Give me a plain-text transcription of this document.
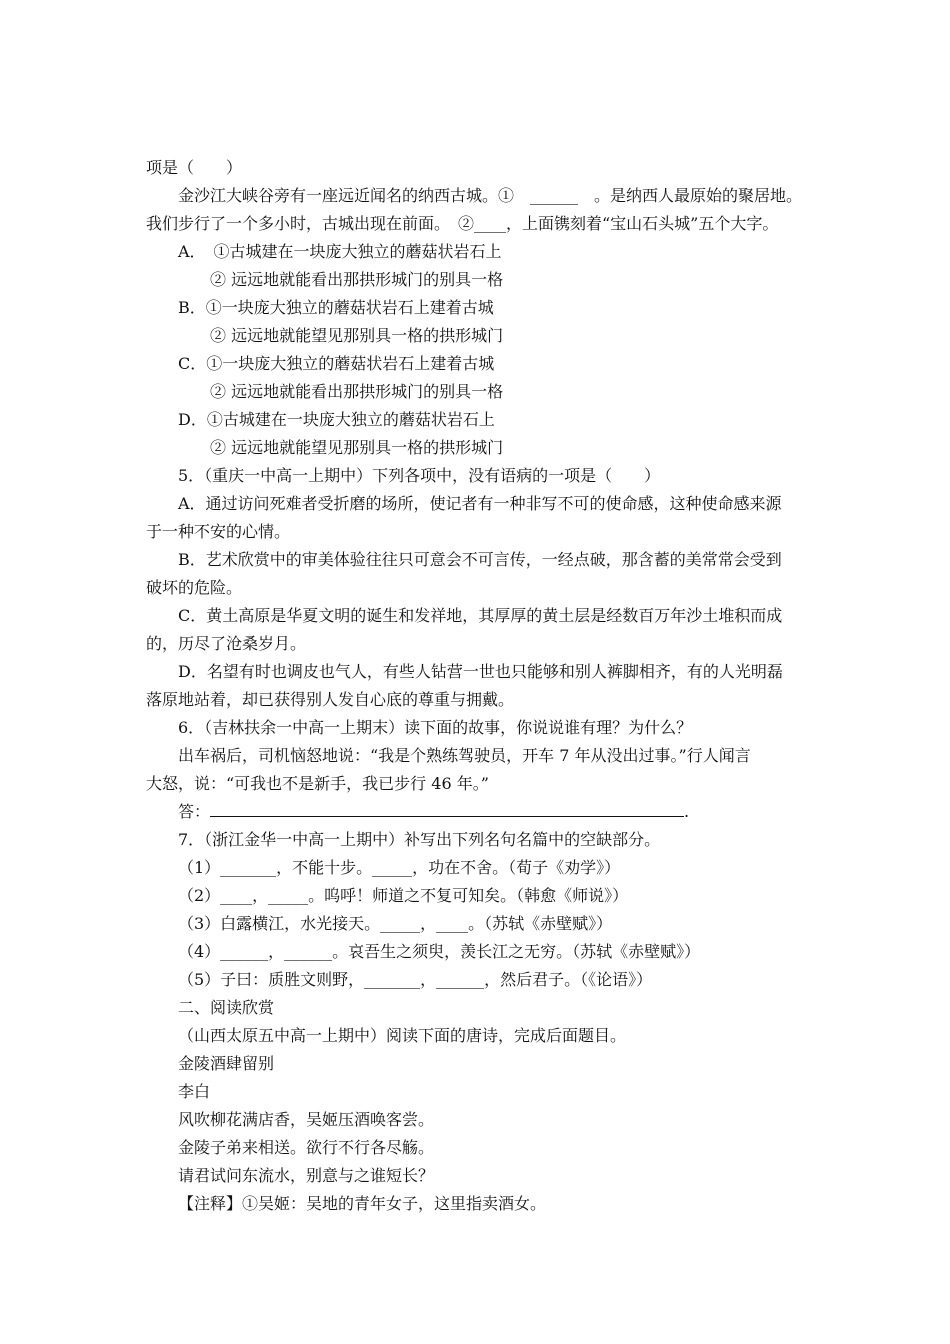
项是（　　）
金沙江大峡谷旁有一座远近闻名的纳西古城。①　______　。是纳西人最原始的聚居地。
我们步行了一个多小时，古城出现在前面。　②____，上面镌刻着“宝山石头城”五个大字。
A．　①古城建在一块庞大独立的蘑菇状岩石上
② 远远地就能看出那拱形城门的别具一格
B．①一块庞大独立的蘑菇状岩石上建着古城
② 远远地就能望见那别具一格的拱形城门
C．①一块庞大独立的蘑菇状岩石上建着古城
② 远远地就能看出那拱形城门的别具一格
D．①古城建在一块庞大独立的蘑菇状岩石上
② 远远地就能望见那别具一格的拱形城门
5．（重庆一中高一上期中）下列各项中，没有语病的一项是（　　）
A．通过访问死难者受折磨的场所，使记者有一种非写不可的使命感，这种使命感来源
于一种不安的心情。
B．艺术欣赏中的审美体验往往只可意会不可言传，一经点破，那含蓄的美常常会受到
破坏的危险。
C．黄土高原是华夏文明的诞生和发祥地，其厚厚的黄土层是经数百万年沙土堆积而成
的，历尽了沧桑岁月。
D．名望有时也调皮也气人，有些人钻营一世也只能够和别人裤脚相齐，有的人光明磊
落原地站着，却已获得别人发自心底的尊重与拥戴。
6．（吉林扶余一中高一上期末）读下面的故事，你说说谁有理？为什么？
出车祸后，司机恼怒地说：“我是个熟练驾驶员，开车 7 年从没出过事。”行人闻言
大怒，说：“可我也不是新手，我已步行 46 年。”
答：	.
7．（浙江金华一中高一上期中）补写出下列名句名篇中的空缺部分。
（1）_______，不能十步。_____，功在不舍。（荀子《劝学》）
（2）____，_____。呜呼！师道之不复可知矣。（韩愈《师说》）
（3）白露横江，水光接天。_____，____。（苏轼《赤壁赋》）
（4）______，______。哀吾生之须臾，羡长江之无穷。（苏轼《赤壁赋》）
（5）子曰：质胜文则野，_______，______，然后君子。（《论语》）
二、阅读欣赏
（山西太原五中高一上期中）阅读下面的唐诗，完成后面题目。
金陵酒肆留别
李白
风吹柳花满店香，吴姬压酒唤客尝。
金陵子弟来相送。欲行不行各尽觞。
请君试问东流水，别意与之谁短长？
【注释】①吴姬：吴地的青年女子，这里指卖酒女。
